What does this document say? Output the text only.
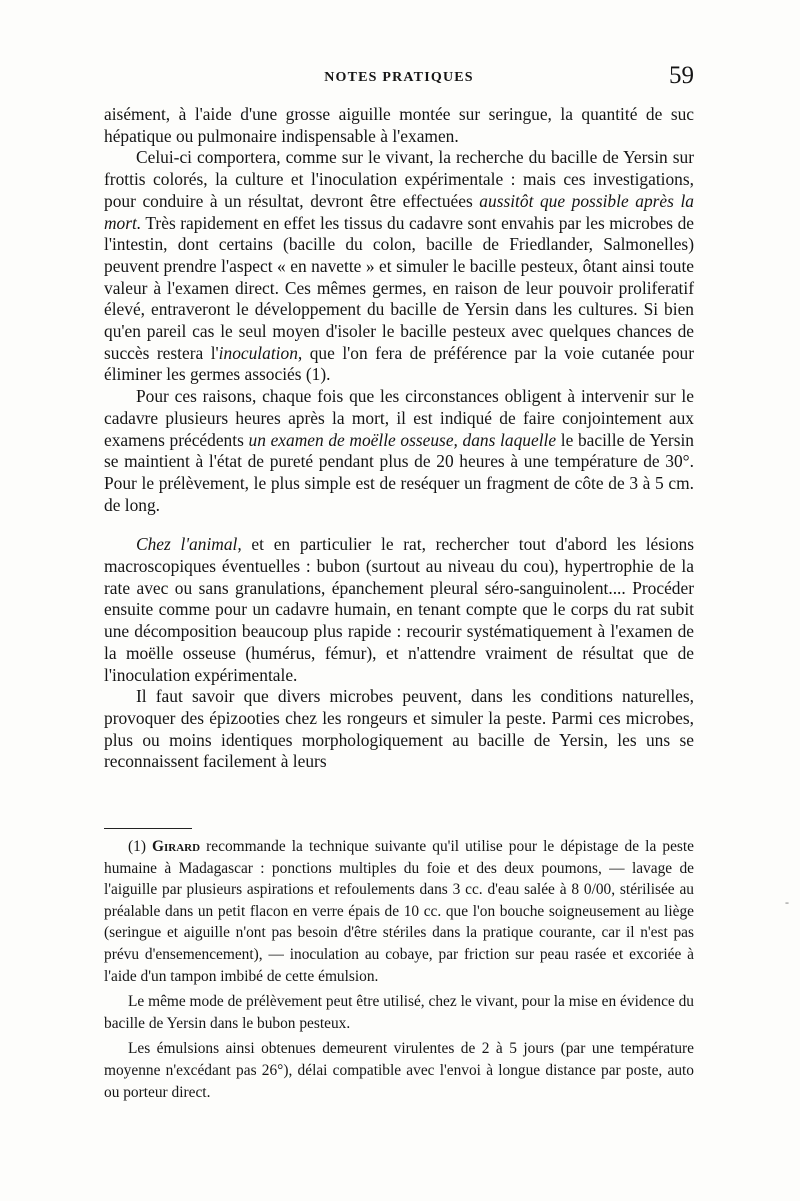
NOTES PRATIQUES	59

aisément, à l'aide d'une grosse aiguille montée sur seringue, la quantité de suc hépatique ou pulmonaire indispensable à l'examen.

Celui-ci comportera, comme sur le vivant, la recherche du bacille de Yersin sur frottis colorés, la culture et l'inoculation expérimentale : mais ces investigations, pour conduire à un résultat, devront être effectuées aussitôt que possible après la mort. Très rapidement en effet les tissus du cadavre sont envahis par les microbes de l'intestin, dont certains (bacille du colon, bacille de Friedlander, Salmonelles) peuvent prendre l'aspect « en navette » et simuler le bacille pesteux, ôtant ainsi toute valeur à l'examen direct. Ces mêmes germes, en raison de leur pouvoir proliferatif élevé, entraveront le développement du bacille de Yersin dans les cultures. Si bien qu'en pareil cas le seul moyen d'isoler le bacille pesteux avec quelques chances de succès restera l'inoculation, que l'on fera de préférence par la voie cutanée pour éliminer les germes associés (1).

Pour ces raisons, chaque fois que les circonstances obligent à intervenir sur le cadavre plusieurs heures après la mort, il est indiqué de faire conjointement aux examens précédents un examen de moëlle osseuse, dans laquelle le bacille de Yersin se maintient à l'état de pureté pendant plus de 20 heures à une température de 30°. Pour le prélèvement, le plus simple est de reséquer un fragment de côte de 3 à 5 cm. de long.

Chez l'animal, et en particulier le rat, rechercher tout d'abord les lésions macroscopiques éventuelles : bubon (surtout au niveau du cou), hypertrophie de la rate avec ou sans granulations, épanchement pleural séro-sanguinolent.... Procéder ensuite comme pour un cadavre humain, en tenant compte que le corps du rat subit une décomposition beaucoup plus rapide : recourir systématiquement à l'examen de la moëlle osseuse (humérus, fémur), et n'attendre vraiment de résultat que de l'inoculation expérimentale.

Il faut savoir que divers microbes peuvent, dans les conditions naturelles, provoquer des épizooties chez les rongeurs et simuler la peste. Parmi ces microbes, plus ou moins identiques morphologiquement au bacille de Yersin, les uns se reconnaissent facilement à leurs

(1) Girard recommande la technique suivante qu'il utilise pour le dépistage de la peste humaine à Madagascar : ponctions multiples du foie et des deux poumons, — lavage de l'aiguille par plusieurs aspirations et refoulements dans 3 cc. d'eau salée à 8 0/00, stérilisée au préalable dans un petit flacon en verre épais de 10 cc. que l'on bouche soigneusement au liège (seringue et aiguille n'ont pas besoin d'être stériles dans la pratique courante, car il n'est pas prévu d'ensemencement), — inoculation au cobaye, par friction sur peau rasée et excoriée à l'aide d'un tampon imbibé de cette émulsion.

Le même mode de prélèvement peut être utilisé, chez le vivant, pour la mise en évidence du bacille de Yersin dans le bubon pesteux.

Les émulsions ainsi obtenues demeurent virulentes de 2 à 5 jours (par une température moyenne n'excédant pas 26°), délai compatible avec l'envoi à longue distance par poste, auto ou porteur direct.

-
